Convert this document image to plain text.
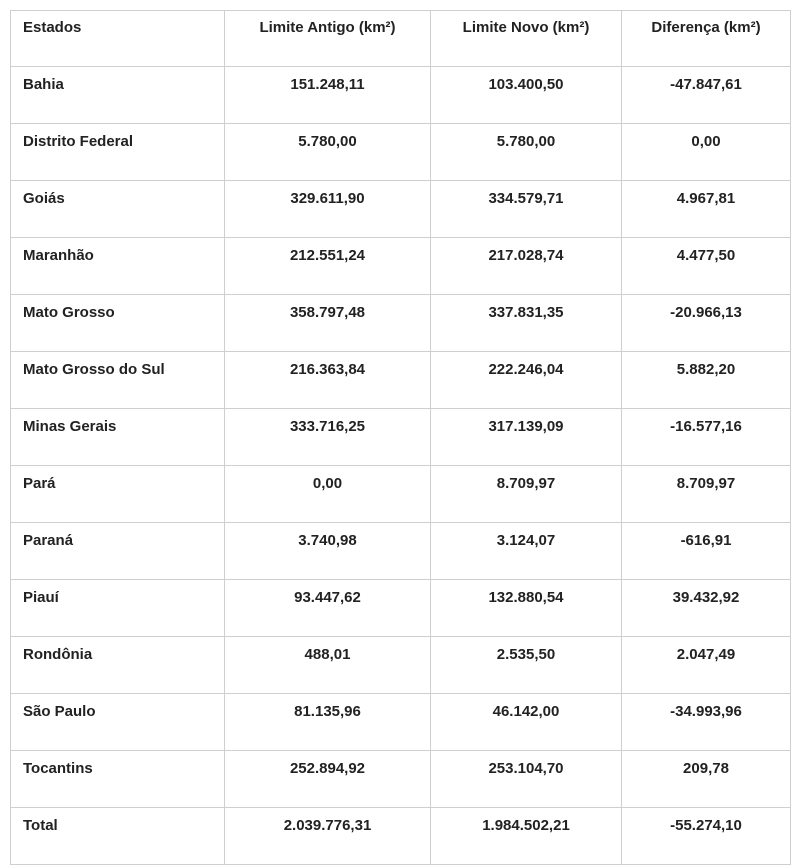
Estados	Limite Antigo (km²)	Limite Novo (km²)	Diferença (km²)
Bahia	151.248,11	103.400,50	-47.847,61
Distrito Federal	5.780,00	5.780,00	0,00
Goiás	329.611,90	334.579,71	4.967,81
Maranhão	212.551,24	217.028,74	4.477,50
Mato Grosso	358.797,48	337.831,35	-20.966,13
Mato Grosso do Sul	216.363,84	222.246,04	5.882,20
Minas Gerais	333.716,25	317.139,09	-16.577,16
Pará	0,00	8.709,97	8.709,97
Paraná	3.740,98	3.124,07	-616,91
Piauí	93.447,62	132.880,54	39.432,92
Rondônia	488,01	2.535,50	2.047,49
São Paulo	81.135,96	46.142,00	-34.993,96
Tocantins	252.894,92	253.104,70	209,78
Total	2.039.776,31	1.984.502,21	-55.274,10
